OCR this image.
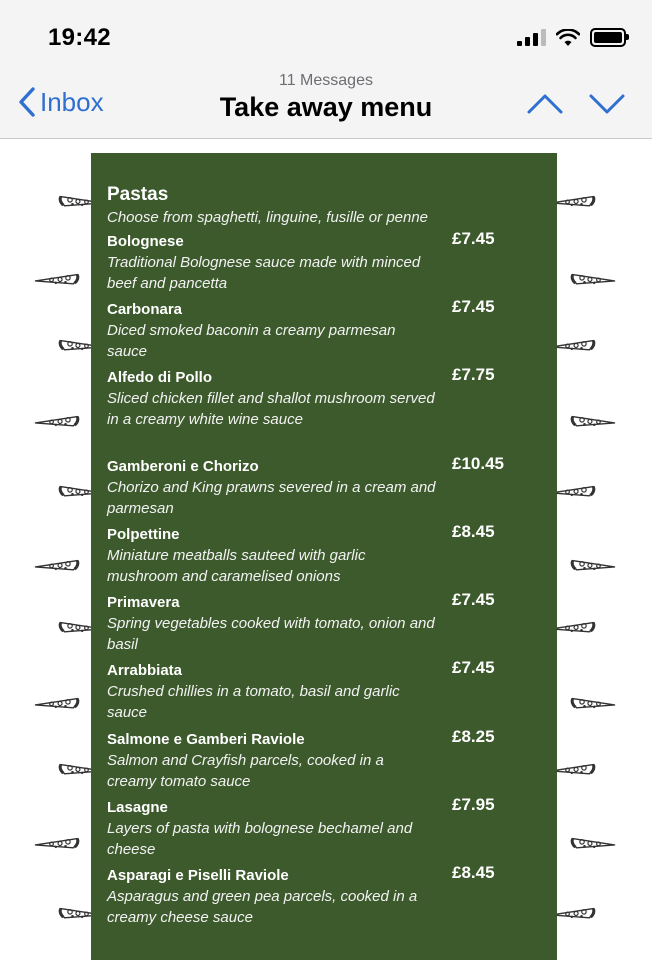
19:42
Inbox
11 Messages
Take away menu
Pastas
Choose from spaghetti, linguine, fusille or penne
Bolognese	£7.45
Traditional Bolognese sauce made with minced beef and pancetta
Carbonara	£7.45
Diced smoked baconin a creamy parmesan sauce
Alfedo di Pollo	£7.75
Sliced chicken fillet and shallot mushroom served in a creamy white wine sauce
Gamberoni e Chorizo	£10.45
Chorizo and King prawns severed in a cream and parmesan
Polpettine	£8.45
Miniature meatballs sauteed with garlic mushroom and caramelised onions
Primavera	£7.45
Spring vegetables cooked with tomato, onion and basil
Arrabbiata	£7.45
Crushed chillies in a tomato, basil and garlic sauce
Salmone e Gamberi Raviole	£8.25
Salmon and Crayfish parcels, cooked in a creamy tomato sauce
Lasagne	£7.95
Layers of pasta with bolognese bechamel and cheese
Asparagi e Piselli Raviole	£8.45
Asparagus and green pea parcels, cooked in a creamy cheese sauce
